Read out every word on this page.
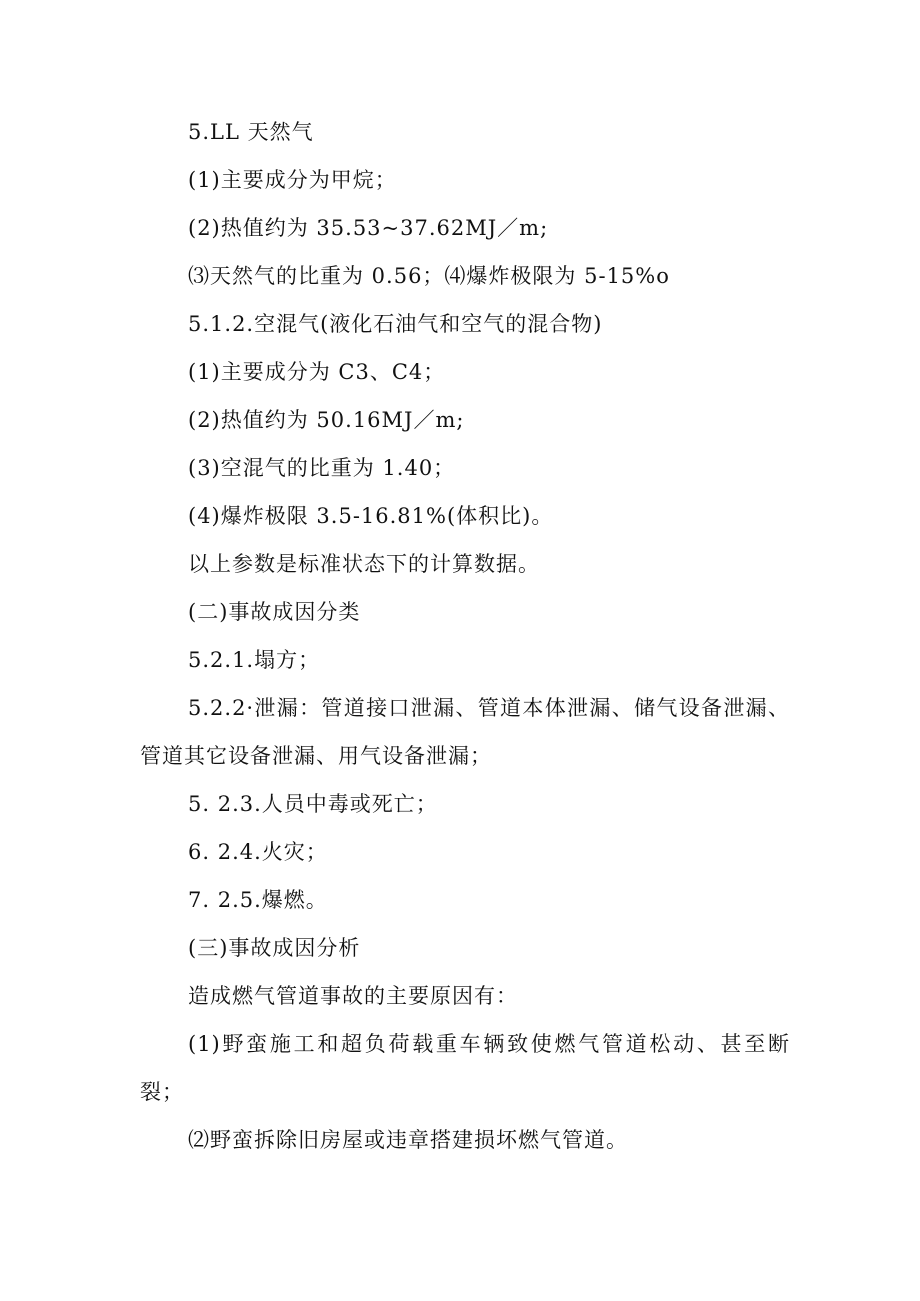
5.LL 天然气
(1)主要成分为甲烷；
(2)热值约为 35.53~37.62MJ／m;
⑶天然气的比重为 0.56；⑷爆炸极限为 5-15%o
5.1.2.空混气(液化石油气和空气的混合物)
(1)主要成分为 C3、C4；
(2)热值约为 50.16MJ／m;
(3)空混气的比重为 1.40；
(4)爆炸极限 3.5-16.81%(体积比)。
以上参数是标准状态下的计算数据。
(二)事故成因分类
5.2.1.塌方；
5.2.2·泄漏：管道接口泄漏、管道本体泄漏、储气设备泄漏、管道其它设备泄漏、用气设备泄漏；
5. 2.3.人员中毒或死亡；
6. 2.4.火灾；
7. 2.5.爆燃。
(三)事故成因分析
造成燃气管道事故的主要原因有：
(1)野蛮施工和超负荷载重车辆致使燃气管道松动、甚至断裂；
⑵野蛮拆除旧房屋或违章搭建损坏燃气管道。
